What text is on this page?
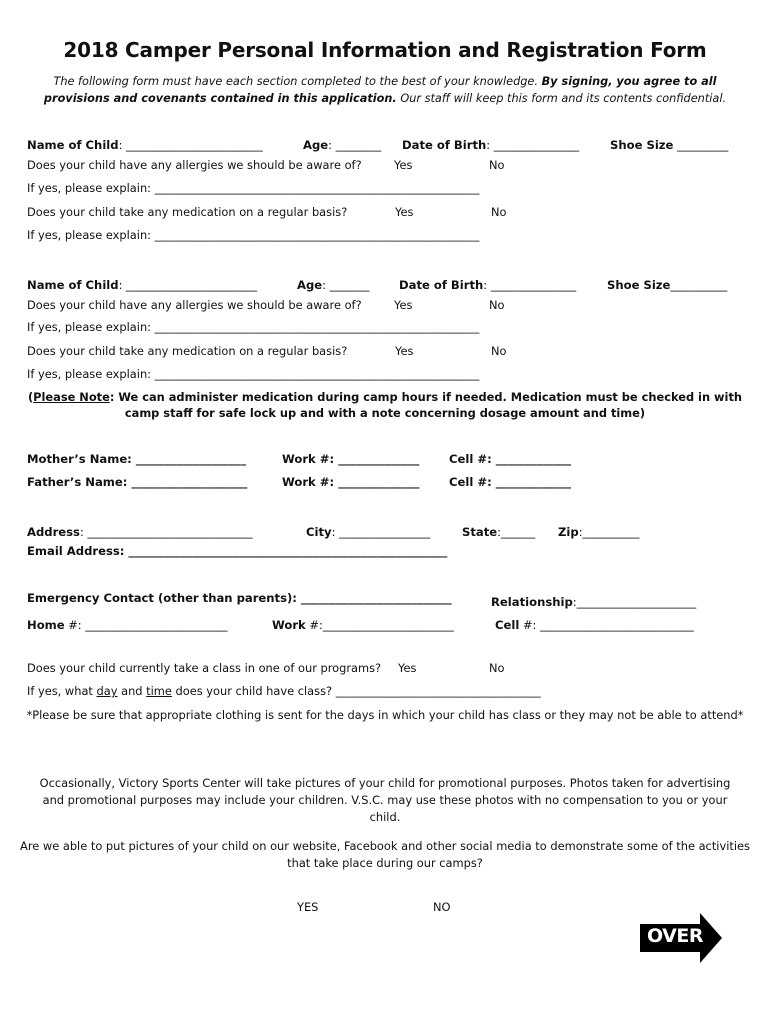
2018 Camper Personal Information and Registration Form
The following form must have each section completed to the best of your knowledge. By signing, you agree to all provisions and covenants contained in this application. Our staff will keep this form and its contents confidential.
Name of Child: ________________________	Age: ________ Date of Birth: _______________	Shoe Size _________
Does your child have any allergies we should be aware of?	Yes	No
If yes, please explain: _________________________________________________________
Does your child take any medication on a regular basis?	Yes	No
If yes, please explain: _________________________________________________________
Name of Child: _______________________	Age: _______	Date of Birth: _______________	Shoe Size__________
Does your child have any allergies we should be aware of?	Yes	No
If yes, please explain: _________________________________________________________
Does your child take any medication on a regular basis?	Yes	No
If yes, please explain: _________________________________________________________
(Please Note: We can administer medication during camp hours if needed. Medication must be checked in with camp staff for safe lock up and with a note concerning dosage amount and time)
Mother’s Name: ___________________	Work #: ______________	Cell #: _____________
Father’s Name: ____________________	Work #: ______________	Cell #: _____________
Address: _____________________________	City: ________________	State:______ Zip:__________
Email Address: _______________________________________________________
Emergency Contact (other than parents): __________________________	Relationship:_____________________
Home #: _________________________	Work #:_______________________	Cell #: ___________________________
Does your child currently take a class in one of our programs? Yes	No
If yes, what day and time does your child have class? ____________________________________
*Please be sure that appropriate clothing is sent for the days in which your child has class or they may not be able to attend*
Occasionally, Victory Sports Center will take pictures of your child for promotional purposes. Photos taken for advertising and promotional purposes may include your children. V.S.C. may use these photos with no compensation to you or your child.
Are we able to put pictures of your child on our website, Facebook and other social media to demonstrate some of the activities that take place during our camps?
YES	NO
OVER
